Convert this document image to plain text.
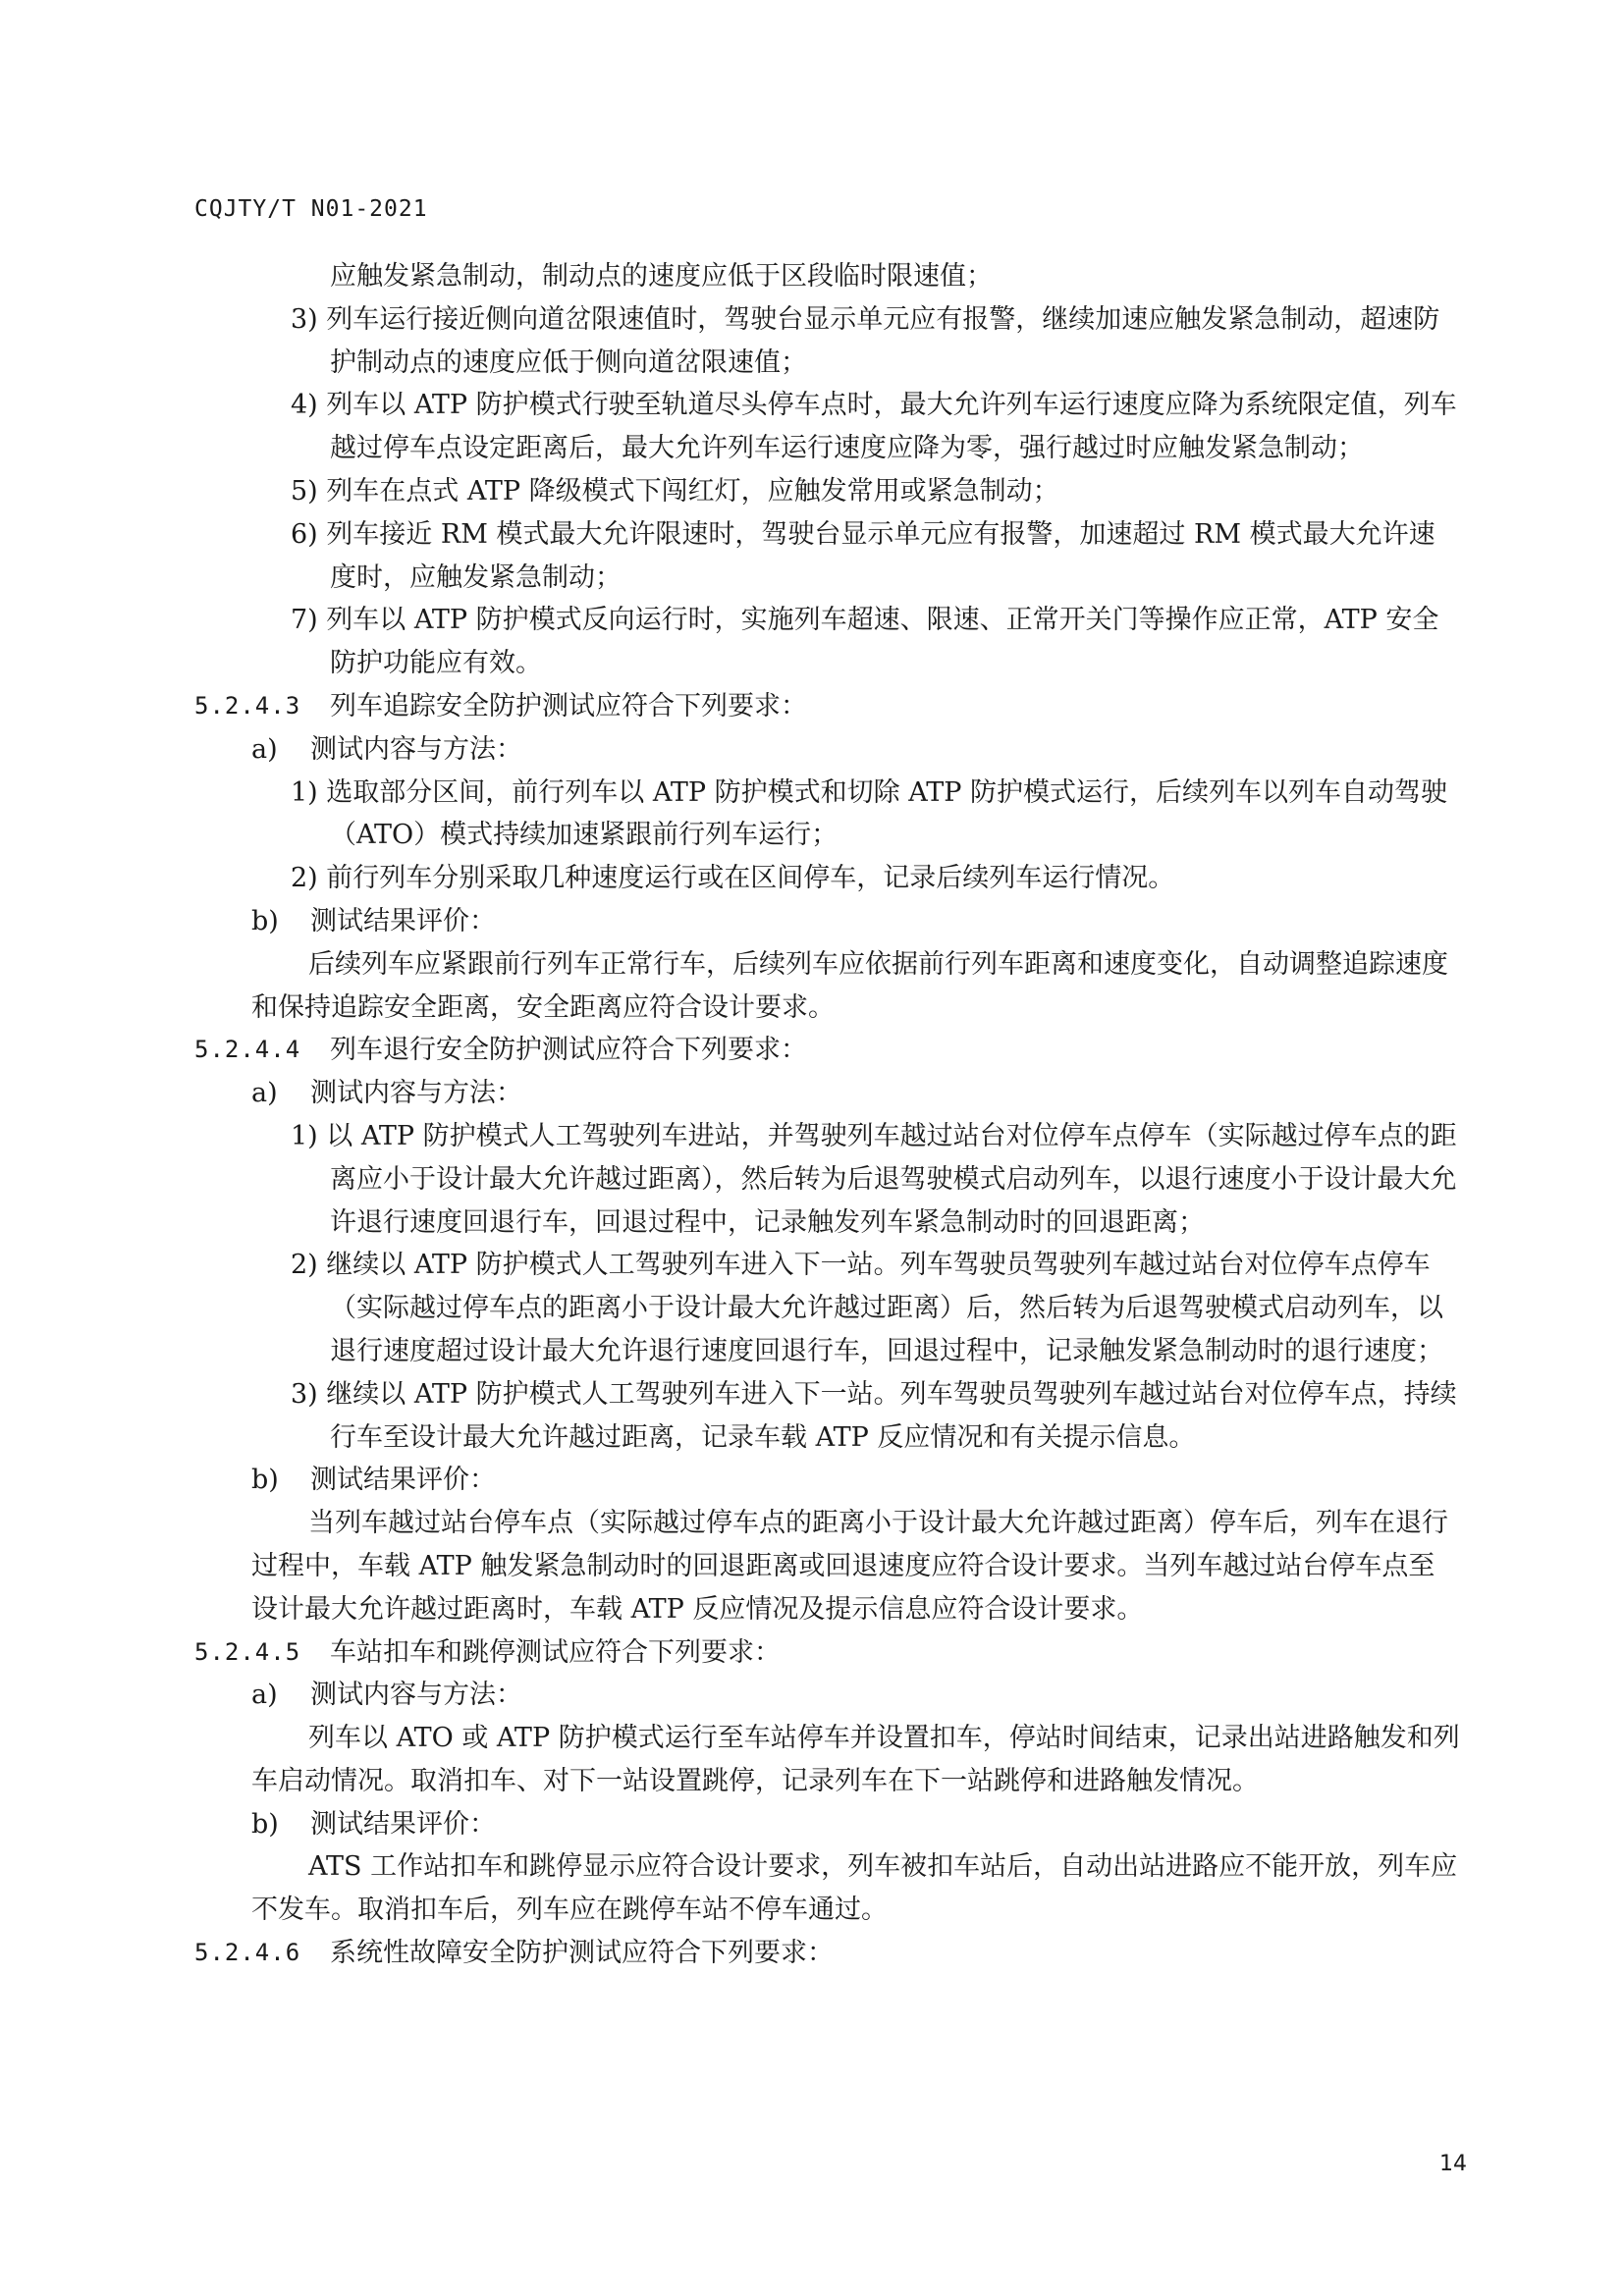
CQJTY/T N01-2021

应触发紧急制动，制动点的速度应低于区段临时限速值；

3) 列车运行接近侧向道岔限速值时，驾驶台显示单元应有报警，继续加速应触发紧急制动，超速防护制动点的速度应低于侧向道岔限速值；

4) 列车以 ATP 防护模式行驶至轨道尽头停车点时，最大允许列车运行速度应降为系统限定值，列车越过停车点设定距离后，最大允许列车运行速度应降为零，强行越过时应触发紧急制动；

5) 列车在点式 ATP 降级模式下闯红灯，应触发常用或紧急制动；

6) 列车接近 RM 模式最大允许限速时，驾驶台显示单元应有报警，加速超过 RM 模式最大允许速度时，应触发紧急制动；

7) 列车以 ATP 防护模式反向运行时，实施列车超速、限速、正常开关门等操作应正常，ATP 安全防护功能应有效。

5.2.4.3	列车追踪安全防护测试应符合下列要求：
a)	测试内容与方法：

1) 选取部分区间，前行列车以 ATP 防护模式和切除 ATP 防护模式运行，后续列车以列车自动驾驶（ATO）模式持续加速紧跟前行列车运行；

2) 前行列车分别采取几种速度运行或在区间停车，记录后续列车运行情况。

b)	测试结果评价：

后续列车应紧跟前行列车正常行车，后续列车应依据前行列车距离和速度变化，自动调整追踪速度和保持追踪安全距离，安全距离应符合设计要求。

5.2.4.4	列车退行安全防护测试应符合下列要求：
a)	测试内容与方法：

1) 以 ATP 防护模式人工驾驶列车进站，并驾驶列车越过站台对位停车点停车（实际越过停车点的距离应小于设计最大允许越过距离），然后转为后退驾驶模式启动列车，以退行速度小于设计最大允许退行速度回退行车，回退过程中，记录触发列车紧急制动时的回退距离；

2) 继续以 ATP 防护模式人工驾驶列车进入下一站。列车驾驶员驾驶列车越过站台对位停车点停车（实际越过停车点的距离小于设计最大允许越过距离）后，然后转为后退驾驶模式启动列车，以退行速度超过设计最大允许退行速度回退行车，回退过程中，记录触发紧急制动时的退行速度；

3) 继续以 ATP 防护模式人工驾驶列车进入下一站。列车驾驶员驾驶列车越过站台对位停车点，持续行车至设计最大允许越过距离，记录车载 ATP 反应情况和有关提示信息。

b)	测试结果评价：

当列车越过站台停车点（实际越过停车点的距离小于设计最大允许越过距离）停车后，列车在退行过程中，车载 ATP 触发紧急制动时的回退距离或回退速度应符合设计要求。当列车越过站台停车点至设计最大允许越过距离时，车载 ATP 反应情况及提示信息应符合设计要求。

5.2.4.5	车站扣车和跳停测试应符合下列要求：
a)	测试内容与方法：

列车以 ATO 或 ATP 防护模式运行至车站停车并设置扣车，停站时间结束，记录出站进路触发和列车启动情况。取消扣车、对下一站设置跳停，记录列车在下一站跳停和进路触发情况。

b)	测试结果评价：

ATS 工作站扣车和跳停显示应符合设计要求，列车被扣车站后，自动出站进路应不能开放，列车应不发车。取消扣车后，列车应在跳停车站不停车通过。

5.2.4.6	系统性故障安全防护测试应符合下列要求：
14
